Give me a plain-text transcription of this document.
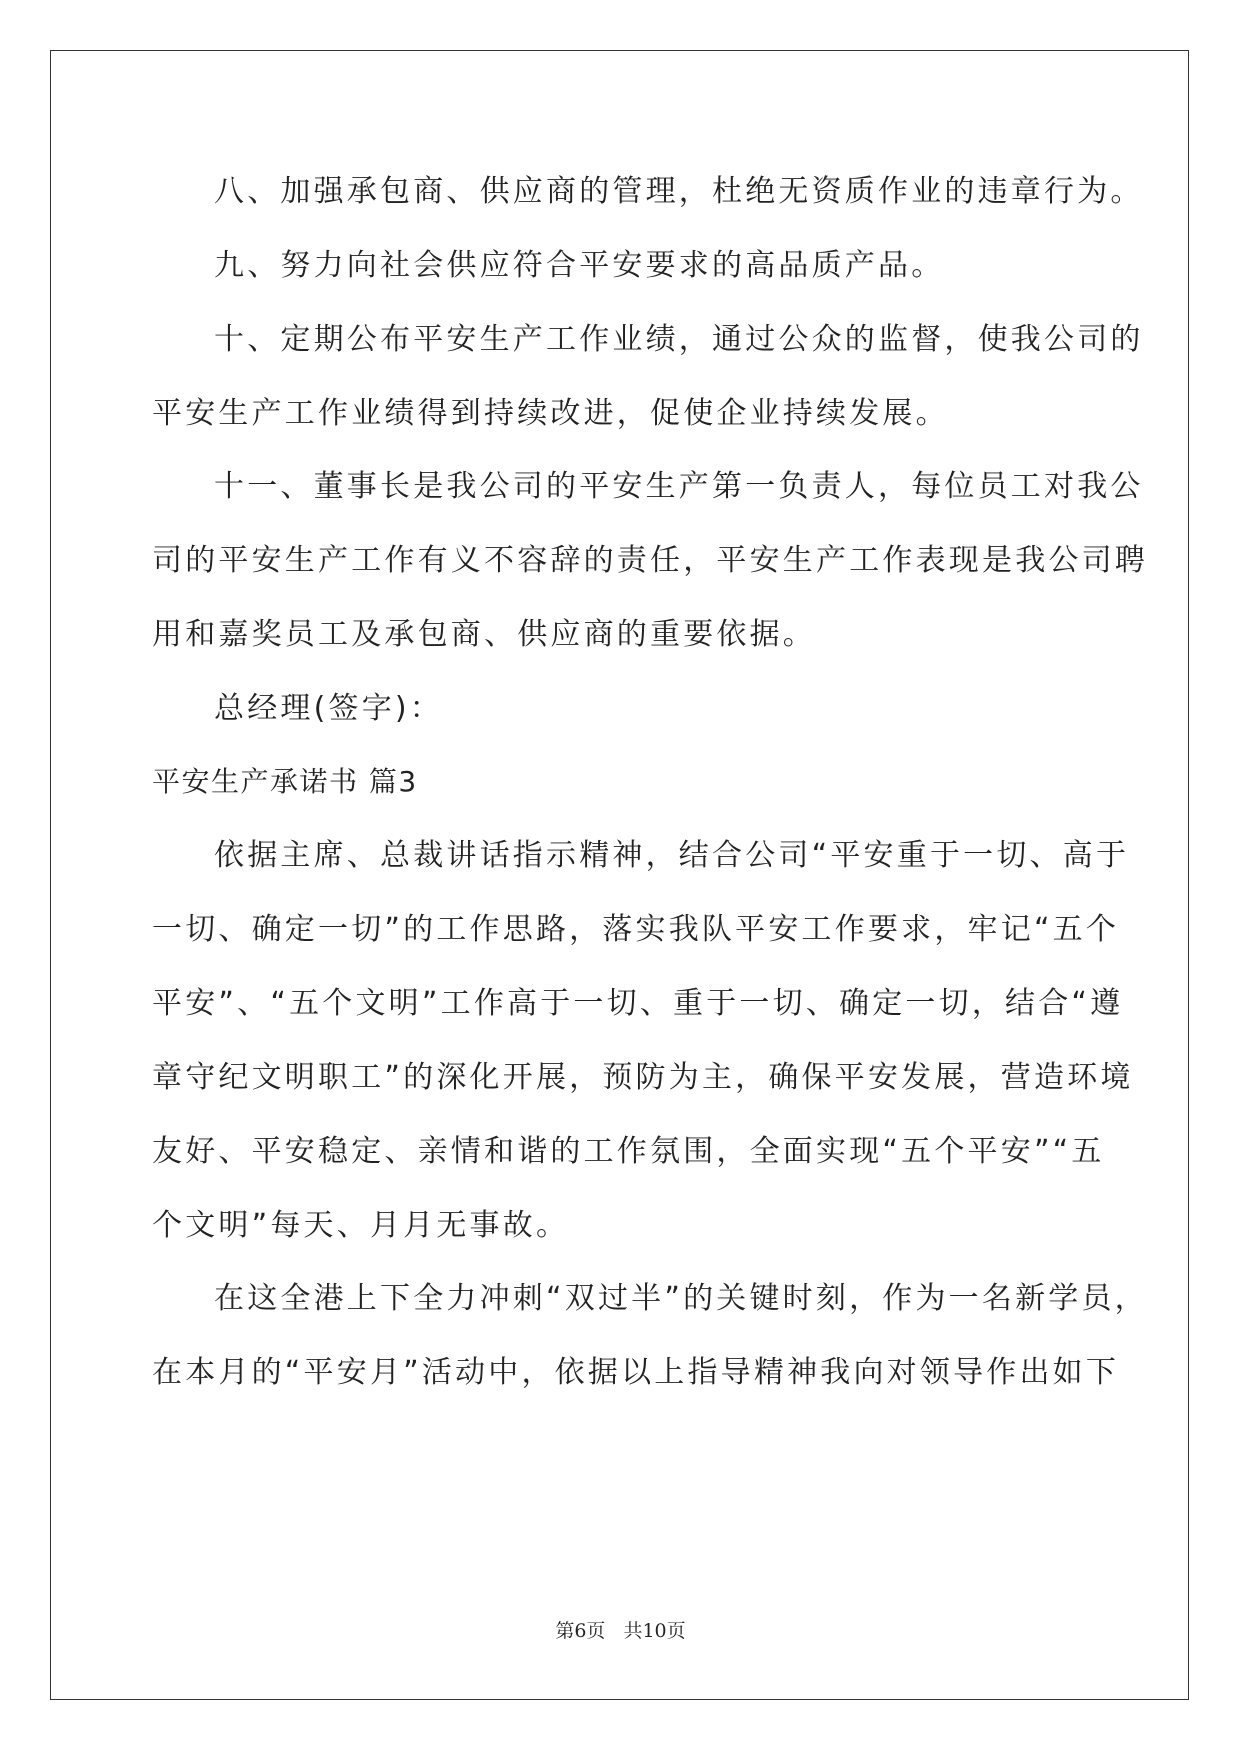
八、加强承包商、供应商的管理，杜绝无资质作业的违章行为。
九、努力向社会供应符合平安要求的高品质产品。
十、定期公布平安生产工作业绩，通过公众的监督，使我公司的
平安生产工作业绩得到持续改进，促使企业持续发展。
十一、董事长是我公司的平安生产第一负责人，每位员工对我公
司的平安生产工作有义不容辞的责任，平安生产工作表现是我公司聘
用和嘉奖员工及承包商、供应商的重要依据。
总经理(签字)：
平安生产承诺书 篇3
依据主席、总裁讲话指示精神，结合公司“平安重于一切、高于
一切、确定一切”的工作思路，落实我队平安工作要求，牢记“五个
平安”、“五个文明”工作高于一切、重于一切、确定一切，结合“遵
章守纪文明职工”的深化开展，预防为主，确保平安发展，营造环境
友好、平安稳定、亲情和谐的工作氛围，全面实现“五个平安”“五
个文明”每天、月月无事故。
在这全港上下全力冲刺“双过半”的关键时刻，作为一名新学员，
在本月的“平安月”活动中，依据以上指导精神我向对领导作出如下
第6页 共10页
